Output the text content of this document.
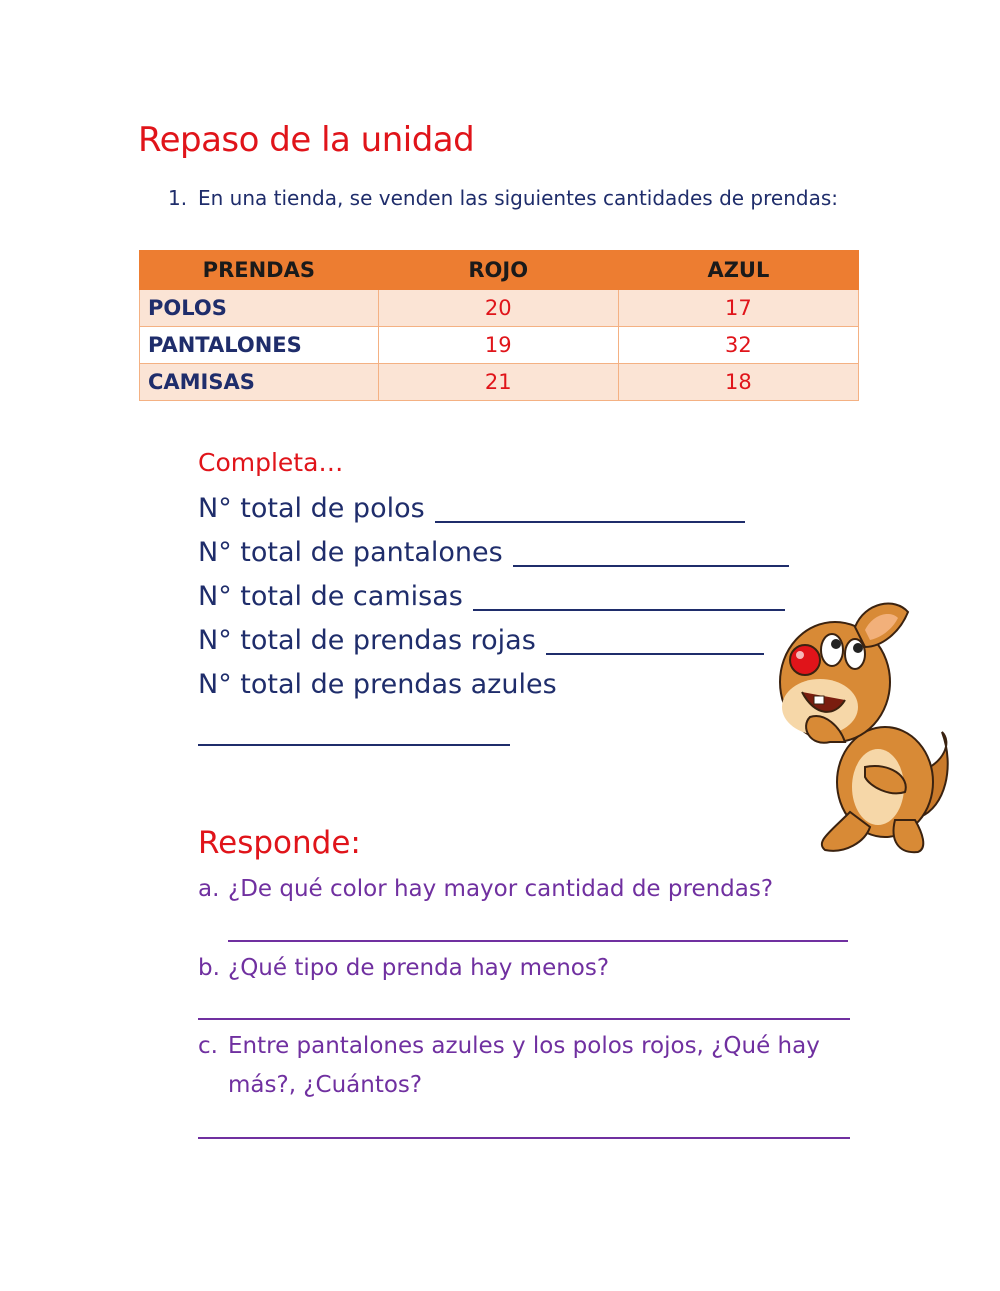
Repaso de la unidad
1. En una tienda, se venden las siguientes cantidades de prendas:
PRENDAS	ROJO	AZUL
POLOS	20	17
PANTALONES	19	32
CAMISAS	21	18
Completa…
N° total de polos
N° total de pantalones
N° total de camisas
N° total de prendas rojas
N° total de prendas azules
Responde:
a. ¿De qué color hay mayor cantidad de prendas?
b. ¿Qué tipo de prenda hay menos?
c. Entre pantalones azules y los polos rojos, ¿Qué hay
más?, ¿Cuántos?
